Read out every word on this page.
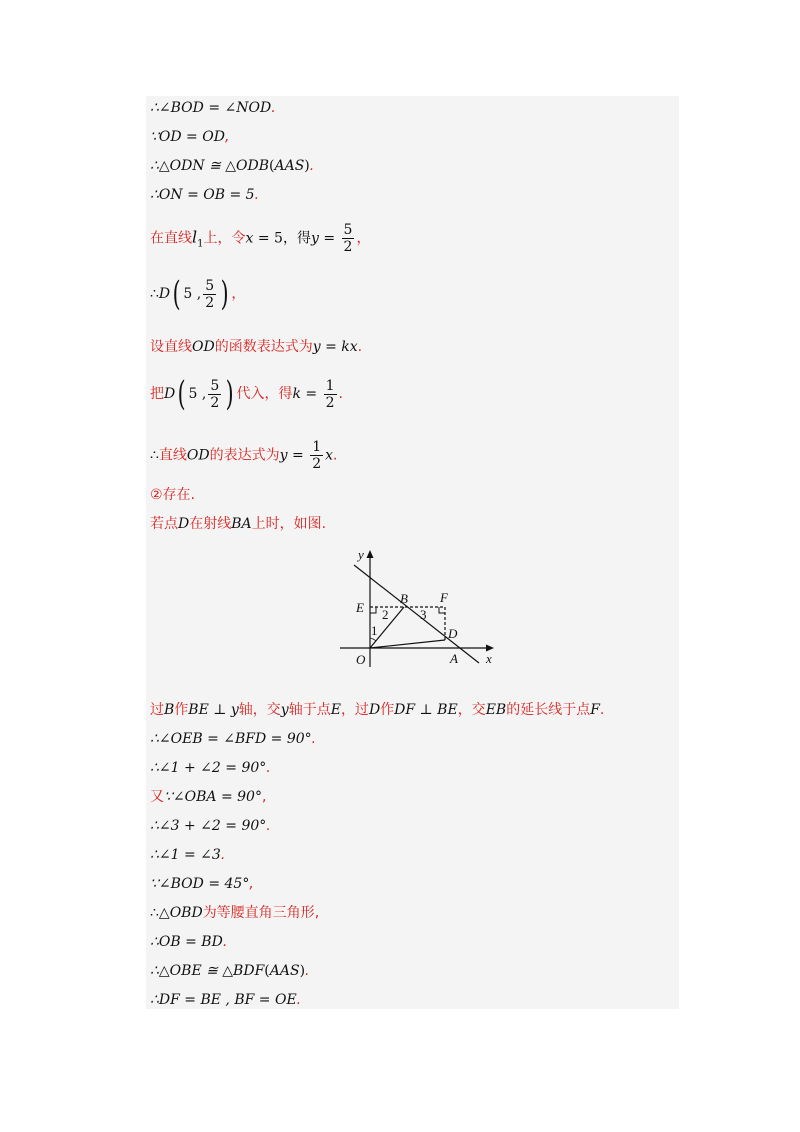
∴∠BOD = ∠NOD.
∵OD = OD,
∴△ODN ≅ △ODB(AAS).
∴ON = OB = 5.
在直线$l_1$上，令x = 5，得$y = \frac{5}{2}$ ，
∴D( 5 , $\frac{5}{2}$ ) ，
设直线OD的函数表达式为y = kx.
把D( 5 , $\frac{5}{2}$ ) 代入，得$k = \frac{1}{2}$ .
∴直线OD的表达式为$y = \frac{1}{2} x$.
②存在.
若点D在射线BA上时，如图.
y
x
O
E
B F
D
A
1
2 3
过B作BE ⊥ y轴，交y轴于点E，过D作DF ⊥ BE，交EB的延长线于点F.
∴∠OEB = ∠BFD = 90°.
∴∠1 + ∠2 = 90°.
又∵∠OBA = 90°,
∴∠3 + ∠2 = 90°.
∴∠1 = ∠3.
∵∠BOD = 45°,
∴△OBD为等腰直角三角形,
∴OB = BD.
∴△OBE ≅ △BDF(AAS).
∴DF = BE , BF = OE.
